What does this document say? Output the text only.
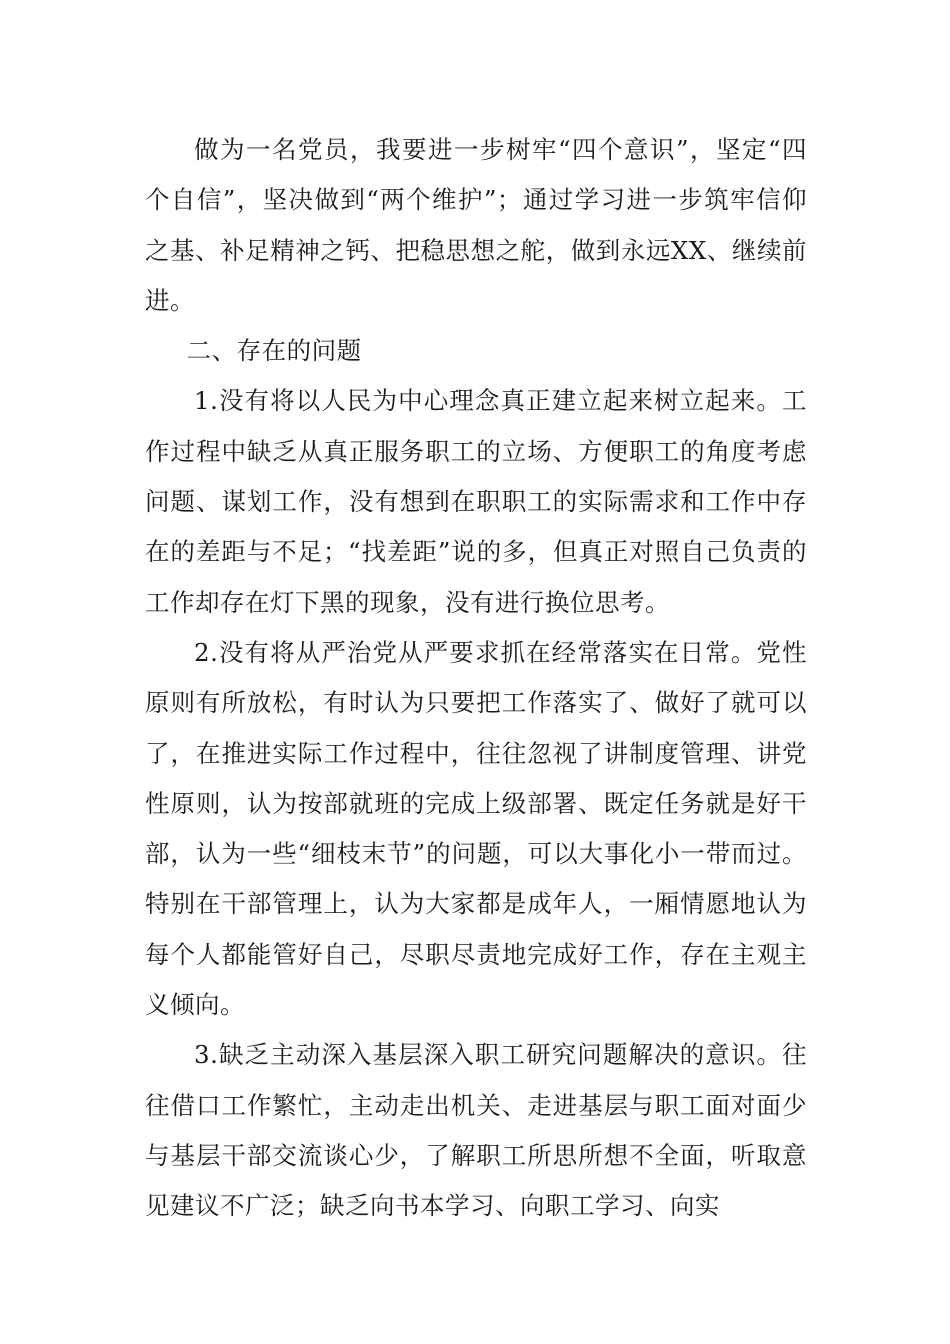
做为一名党员，我要进一步树牢“四个意识”，坚定“四个自信”，坚决做到“两个维护”；通过学习进一步筑牢信仰之基、补足精神之钙、把稳思想之舵，做到永远XX、继续前进。

二、存在的问题

1.没有将以人民为中心理念真正建立起来树立起来。工作过程中缺乏从真正服务职工的立场、方便职工的角度考虑问题、谋划工作，没有想到在职职工的实际需求和工作中存在的差距与不足；“找差距”说的多，但真正对照自己负责的工作却存在灯下黑的现象，没有进行换位思考。

2.没有将从严治党从严要求抓在经常落实在日常。党性原则有所放松，有时认为只要把工作落实了、做好了就可以了，在推进实际工作过程中，往往忽视了讲制度管理、讲党性原则，认为按部就班的完成上级部署、既定任务就是好干部，认为一些“细枝末节”的问题，可以大事化小一带而过。特别在干部管理上，认为大家都是成年人，一厢情愿地认为每个人都能管好自己，尽职尽责地完成好工作，存在主观主义倾向。

3.缺乏主动深入基层深入职工研究问题解决的意识。往往借口工作繁忙，主动走出机关、走进基层与职工面对面少与基层干部交流谈心少，了解职工所思所想不全面，听取意见建议不广泛；缺乏向书本学习、向职工学习、向实
